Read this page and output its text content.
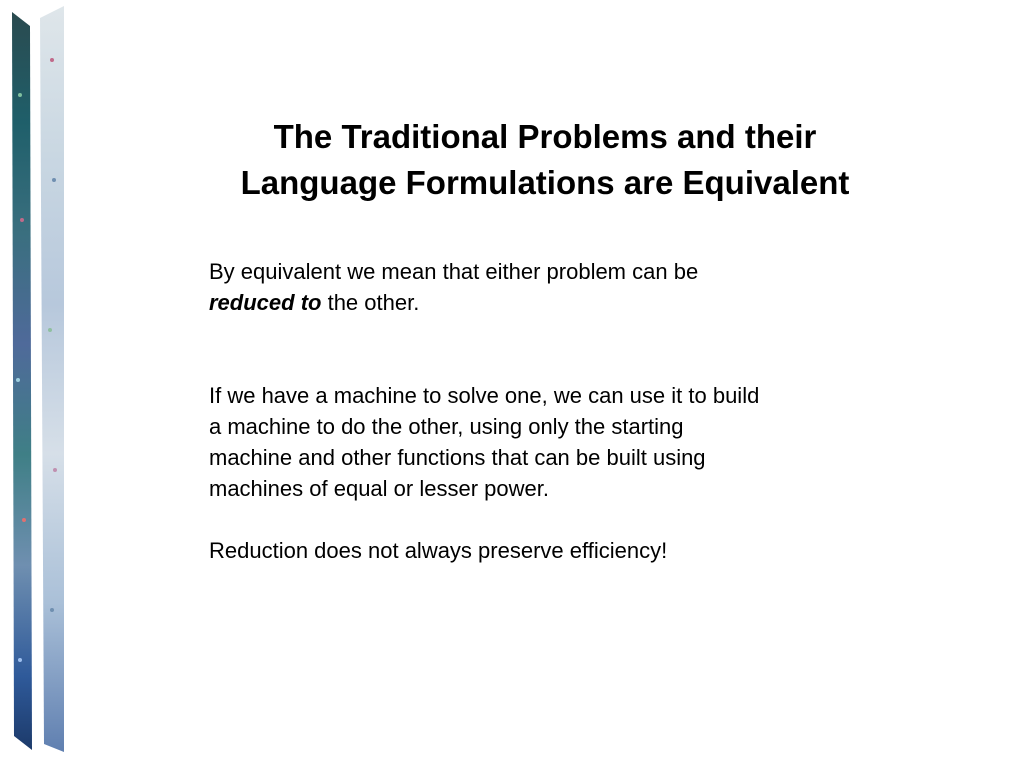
The Traditional Problems and their
Language Formulations are Equivalent

By equivalent we mean that either problem can be
reduced to the other.

If we have a machine to solve one, we can use it to build
a machine to do the other, using only the starting
machine and other functions that can be built using
machines of equal or lesser power.

Reduction does not always preserve efficiency!
